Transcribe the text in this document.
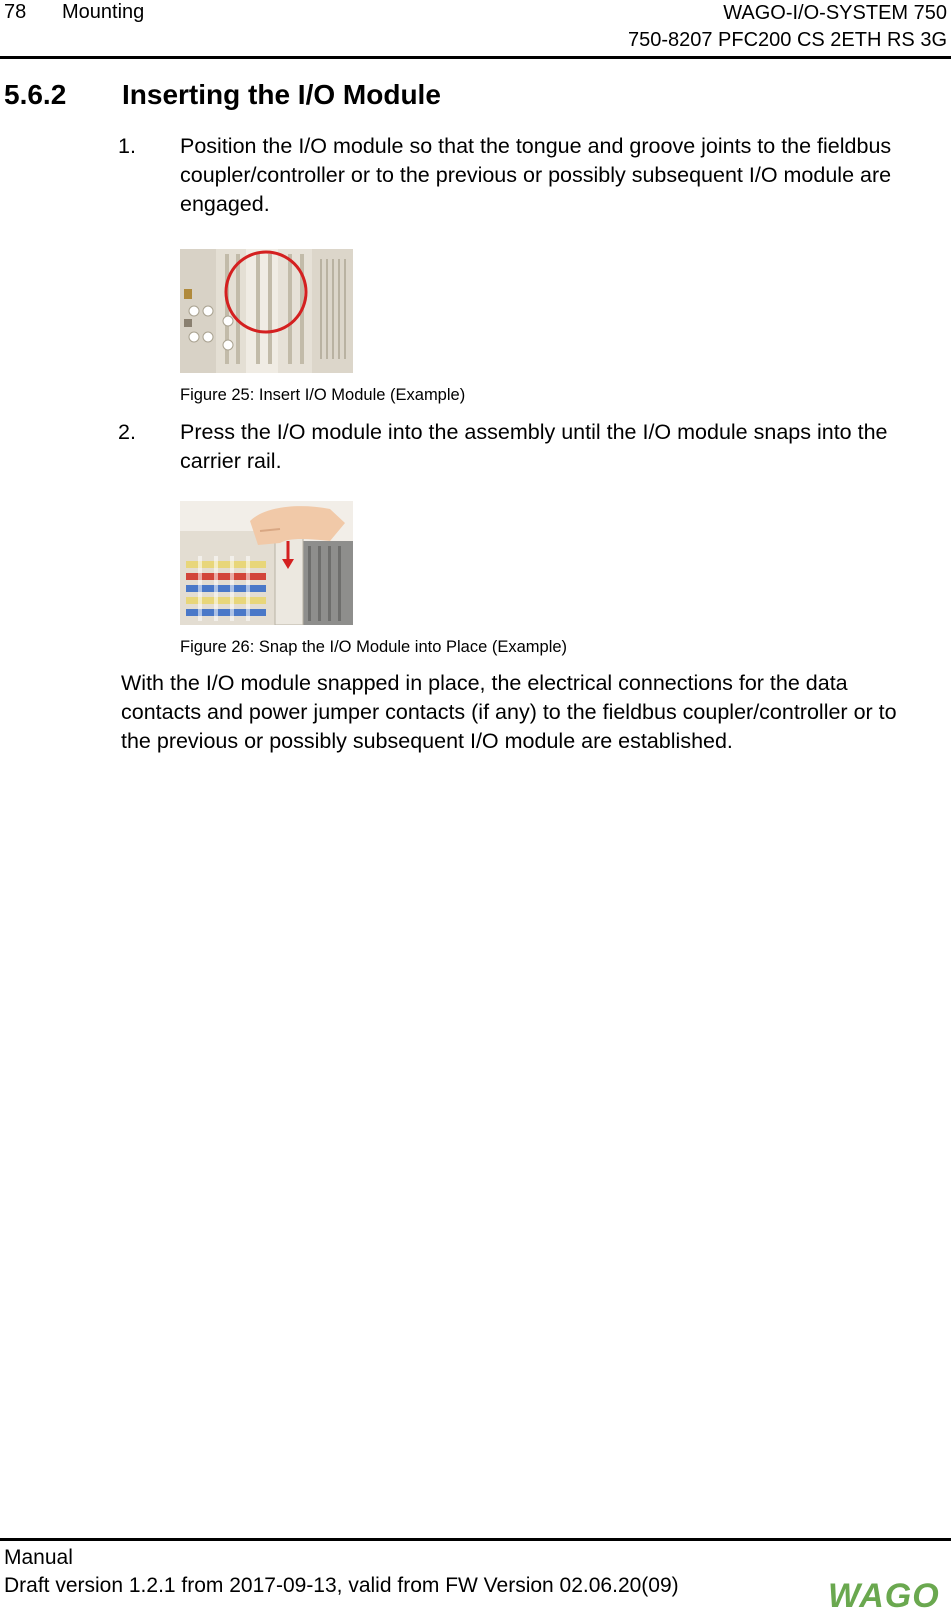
78 Mounting	WAGO-I/O-SYSTEM 750
750-8207 PFC200 CS 2ETH RS 3G
5.6.2 Inserting the I/O Module
1. Position the I/O module so that the tongue and groove joints to the fieldbus coupler/controller or to the previous or possibly subsequent I/O module are engaged.
Figure 25: Insert I/O Module (Example)
2. Press the I/O module into the assembly until the I/O module snaps into the carrier rail.
Figure 26: Snap the I/O Module into Place (Example)
With the I/O module snapped in place, the electrical connections for the data contacts and power jumper contacts (if any) to the fieldbus coupler/controller or to the previous or possibly subsequent I/O module are established.
Manual
Draft version 1.2.1 from 2017-09-13, valid from FW Version 02.06.20(09)	WAGO
